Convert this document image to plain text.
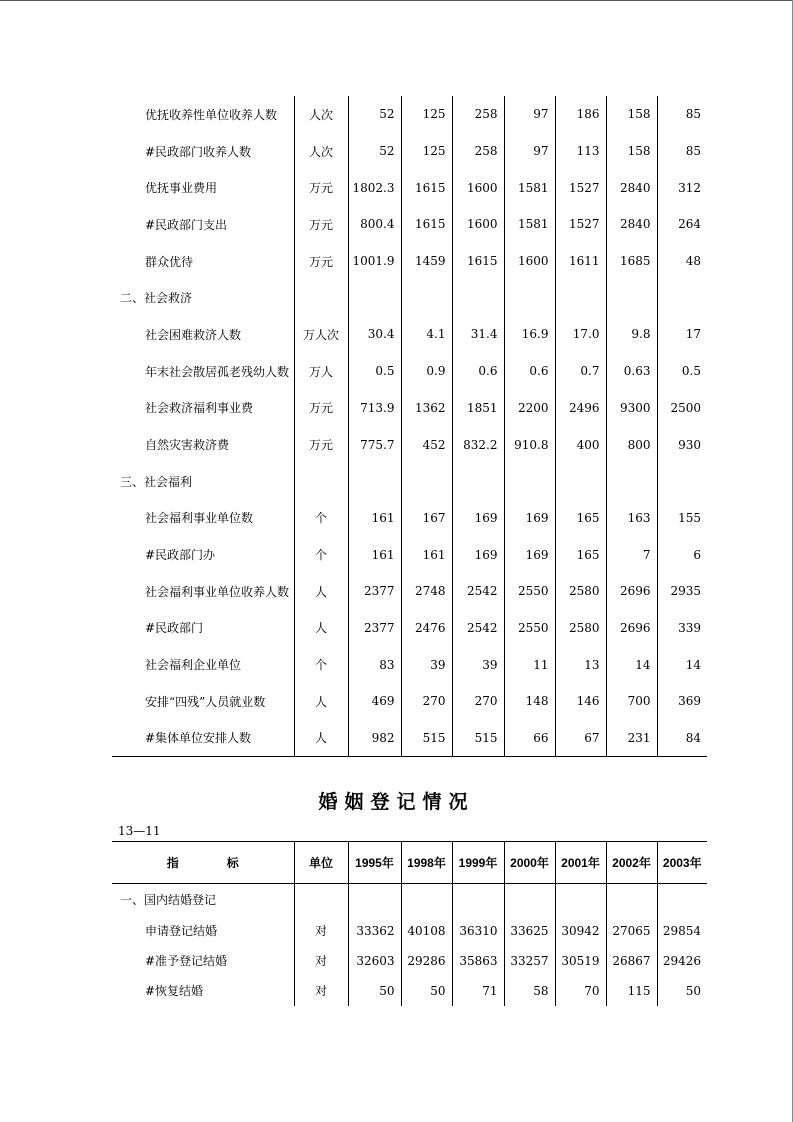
优抚收养性单位收养人数	人次	52	125	258	97	186	158	85
#民政部门收养人数	人次	52	125	258	97	113	158	85
优抚事业费用	万元	1802.3	1615	1600	1581	1527	2840	312
#民政部门支出	万元	800.4	1615	1600	1581	1527	2840	264
群众优待	万元	1001.9	1459	1615	1600	1611	1685	48
二、社会救济								
社会困难救济人数	万人次	30.4	4.1	31.4	16.9	17.0	9.8	17
年末社会散居孤老残幼人数	万人	0.5	0.9	0.6	0.6	0.7	0.63	0.5
社会救济福利事业费	万元	713.9	1362	1851	2200	2496	9300	2500
自然灾害救济费	万元	775.7	452	832.2	910.8	400	800	930
三、社会福利								
社会福利事业单位数	个	161	167	169	169	165	163	155
#民政部门办	个	161	161	169	169	165	7	6
社会福利事业单位收养人数	人	2377	2748	2542	2550	2580	2696	2935
#民政部门	人	2377	2476	2542	2550	2580	2696	339
社会福利企业单位	个	83	39	39	11	13	14	14
安排“四残”人员就业数	人	469	270	270	148	146	700	369
#集体单位安排人数	人	982	515	515	66	67	231	84
婚姻登记情况
13—11
指 标	单位	1995年	1998年	1999年	2000年	2001年	2002年	2003年
一、国内结婚登记								
申请登记结婚	对	33362	40108	36310	33625	30942	27065	29854
#准予登记结婚	对	32603	29286	35863	33257	30519	26867	29426
#恢复结婚	对	50	50	71	58	70	115	50
